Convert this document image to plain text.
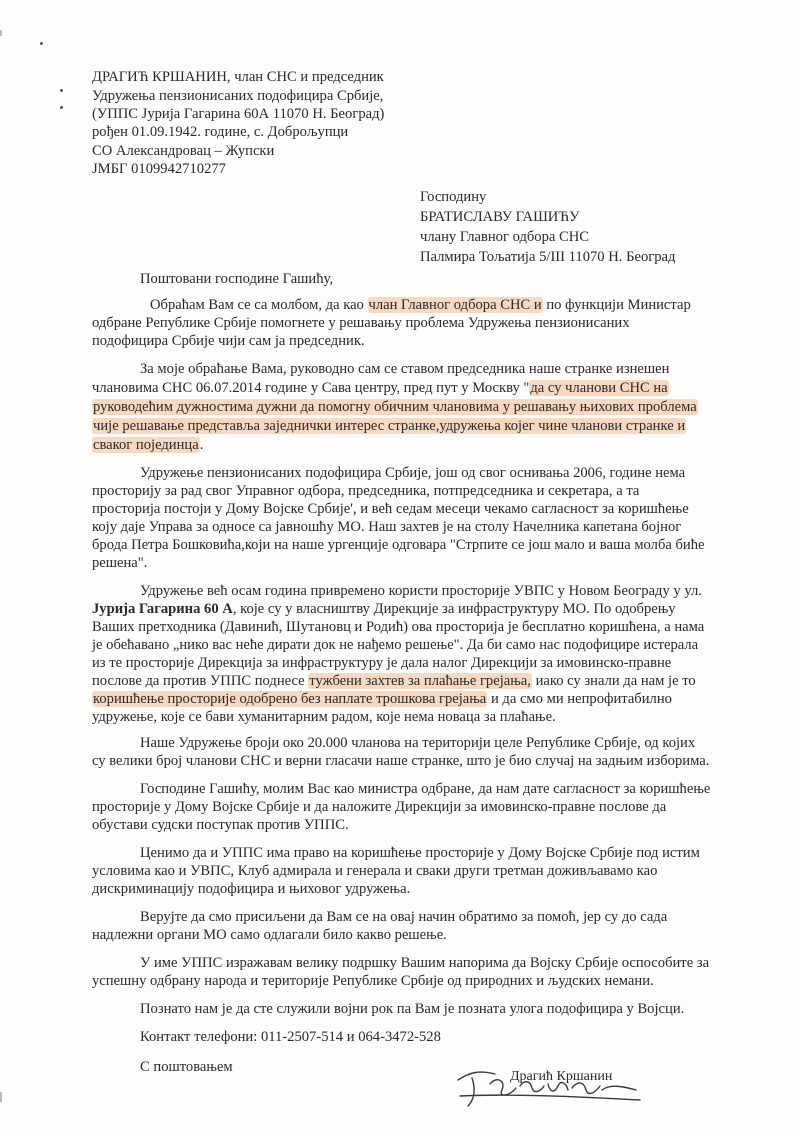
ДРАГИЋ КРШАНИН, члан СНС и председник
Удружења пензионисаних подофицира Србије,
(УППС Јурија Гагарина 60А 11070 Н. Београд)
рођен 01.09.1942. године, с. Доброљупци
СО Александровац – Жупски
ЈМБГ 0109942710277
Господину
БРАТИСЛАВУ ГАШИЋУ
члану Главног одбора СНС
Палмира Тољатија 5/III 11070 Н. Београд
Поштовани господине Гашићу,
Обраћам Вам се са молбом, да као члан Главног одбора СНС и по функцији Министар
одбране Републике Србије помогнете у решавању проблема Удружења пензионисаних
подофицира Србије чији сам ја председник.
За моје обраћање Вама, руководно сам се ставом председника наше странке изнешен
члановима СНС 06.07.2014 године у Сава центру, пред пут у Москву "да су чланови СНС на
руководећим дужностима дужни да помогну обичним члановима у решавању њихових проблема
чије решавање представља заједнички интерес странке,удружења којег чине чланови странке и
сваког појединца.
Удружење пензионисаних подофицира Србије, још од свог оснивања 2006, године нема
просторију за рад свог Управног одбора, председника, потпредседника и секретара, а та
просторија постоји у Дому Војске Србије', и већ седам месеци чекамо сагласност за коришћење
коју даје Управа за односе са јавношћу МО. Наш захтев је на столу Начелника капетана бојног
брода Петра Бошковића,који на наше ургенције одговара "Стрпите се још мало и ваша молба биће
решена".
Удружење већ осам година привремено користи просторије УВПС у Новом Београду у ул.
Јурија Гагарина 60 А, које су у власништву Дирекције за инфраструктуру МО. По одобрењу
Ваших претходника (Давинић, Шутановц и Родић) ова просторија је бесплатно коришћена, а нама
је обећавано „нико вас неће дирати док не нађемо решење". Да би само нас подофицире истерала
из те просторије Дирекција за инфраструктуру је дала налог Дирекцији за имовинско-правне
послове да против УППС поднесе тужбени захтев за плаћање грејања, иако су знали да нам је то
коришћење просторије одобрено без наплате трошкова грејања и да смо ми непрофитабилно
удружење, које се бави хуманитарним радом, које нема новаца за плаћање.
Наше Удружење броји око 20.000 чланова на територији целе Републике Србије, од којих
су велики број чланови СНС и верни гласачи наше странке, што је био случај на задњим изборима.
Господине Гашићу, молим Вас као министра одбране, да нам дате сагласност за коришћење
просторије у Дому Војске Србије и да наложите Дирекцији за имовинско-правне послове да
обустави судски поступак против УППС.
Ценимо да и УППС има право на коришћење просторије у Дому Војске Србије под истим
условима као и УВПС, Клуб адмирала и генерала и сваки други третман доживљавамо као
дискриминацију подофицира и њиховог удружења.
Верујте да смо присиљени да Вам се на овај начин обратимо за помоћ, јер су до сада
надлежни органи МО само одлагали било какво решење.
У име УППС изражавам велику подршку Вашим напорима да Војску Србије оспособите за
успешну одбрану народа и територије Републике Србије од природних и људских немани.
Познато нам је да сте служили војни рок па Вам је позната улога подофицира у Војсци.
Контакт телефони: 011-2507-514 и 064-3472-528
С поштовањем
Драгић Кршанин
